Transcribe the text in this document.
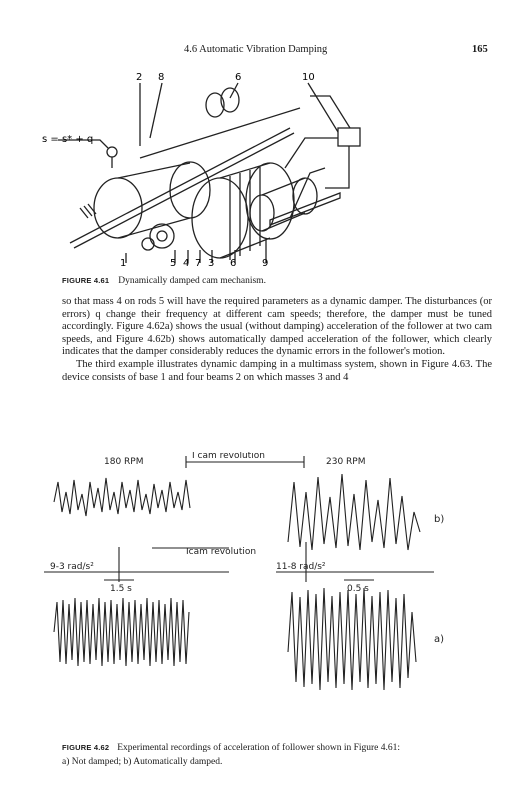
4.6 Automatic Vibration Damping	165
2 8	6	10
s = s* + q
1	5 4 7 3 6	9
FIGURE 4.61 Dynamically damped cam mechanism.

so that mass 4 on rods 5 will have the required parameters as a dynamic damper. The disturbances (or errors) q change their frequency at different cam speeds; therefore, the damper must be tuned accordingly. Figure 4.62a) shows the usual (without damping) acceleration of the follower at two cam speeds, and Figure 4.62b) shows automatically damped acceleration of the follower, which clearly indicates that the damper considerably reduces the dynamic errors in the follower's motion.

The third example illustrates dynamic damping in a multimass system, shown in Figure 4.63. The device consists of base 1 and four beams 2 on which masses 3 and 4

180 RPM	230 RPM
I cam revolution
Icam revolution
9-3 rad/s²	11-8 rad/s²
1.5 s	0.5 s
b)
a)
FIGURE 4.62 Experimental recordings of acceleration of follower shown in Figure 4.61:
a) Not damped; b) Automatically damped.
